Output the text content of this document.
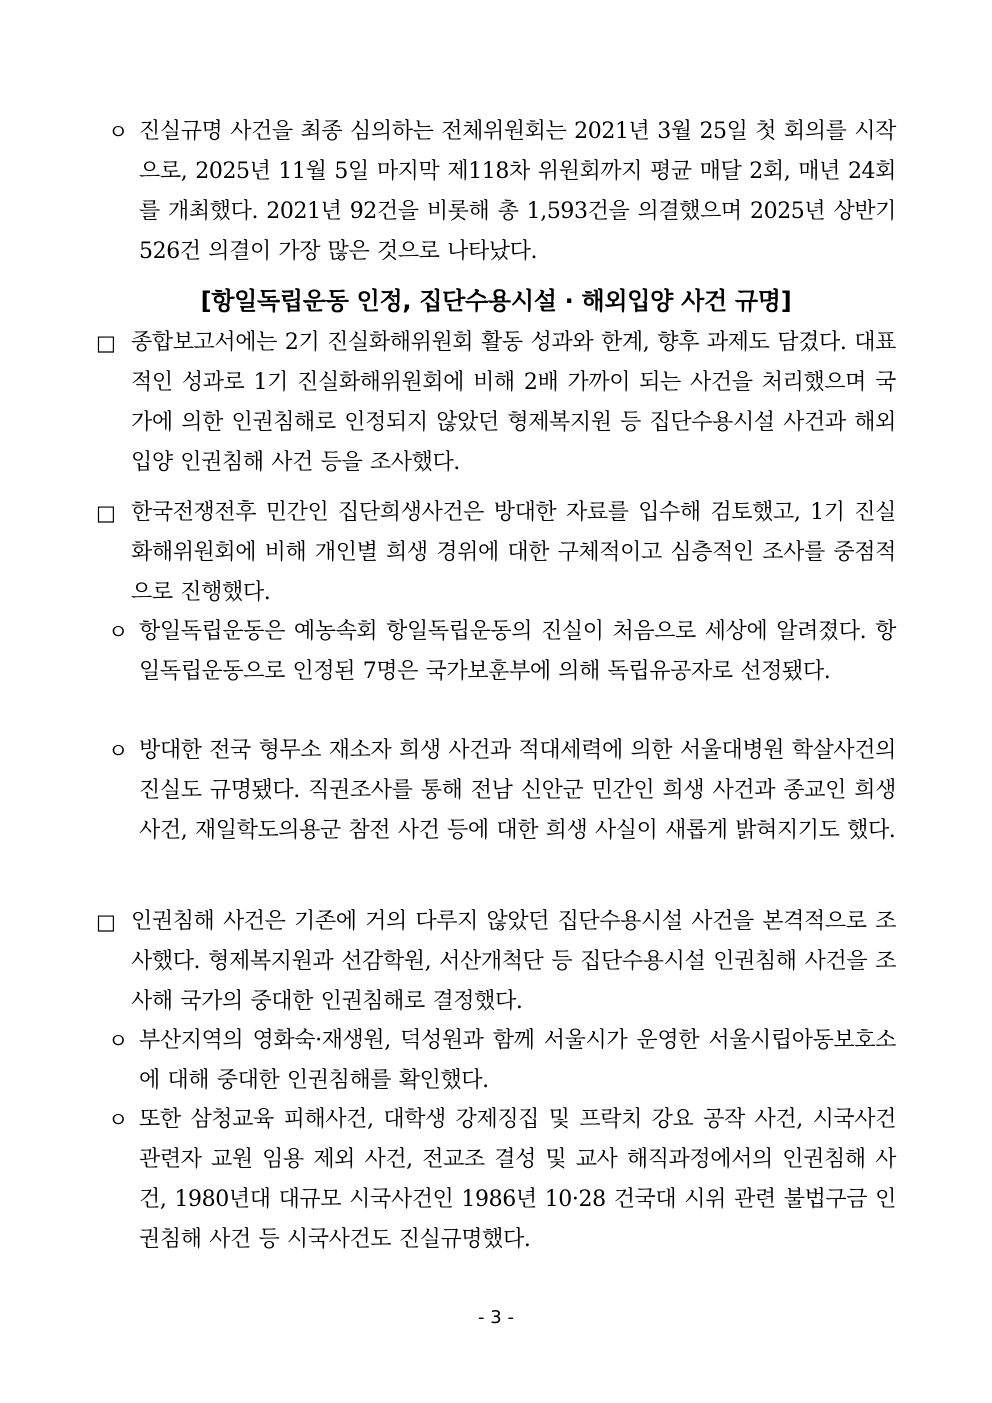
ㅇ 진실규명 사건을 최종 심의하는 전체위원회는 2021년 3월 25일 첫 회의를 시작으로, 2025년 11월 5일 마지막 제118차 위원회까지 평균 매달 2회, 매년 24회를 개최했다. 2021년 92건을 비롯해 총 1,593건을 의결했으며 2025년 상반기 526건 의결이 가장 많은 것으로 나타났다.
[항일독립운동 인정, 집단수용시설 · 해외입양 사건 규명]
□ 종합보고서에는 2기 진실화해위원회 활동 성과와 한계, 향후 과제도 담겼다. 대표적인 성과로 1기 진실화해위원회에 비해 2배 가까이 되는 사건을 처리했으며 국가에 의한 인권침해로 인정되지 않았던 형제복지원 등 집단수용시설 사건과 해외입양 인권침해 사건 등을 조사했다.
□ 한국전쟁전후 민간인 집단희생사건은 방대한 자료를 입수해 검토했고, 1기 진실화해위원회에 비해 개인별 희생 경위에 대한 구체적이고 심층적인 조사를 중점적으로 진행했다.
ㅇ 항일독립운동은 예농속회 항일독립운동의 진실이 처음으로 세상에 알려졌다. 항일독립운동으로 인정된 7명은 국가보훈부에 의해 독립유공자로 선정됐다.
ㅇ 방대한 전국 형무소 재소자 희생 사건과 적대세력에 의한 서울대병원 학살사건의 진실도 규명됐다. 직권조사를 통해 전남 신안군 민간인 희생 사건과 종교인 희생 사건, 재일학도의용군 참전 사건 등에 대한 희생 사실이 새롭게 밝혀지기도 했다.
□ 인권침해 사건은 기존에 거의 다루지 않았던 집단수용시설 사건을 본격적으로 조사했다. 형제복지원과 선감학원, 서산개척단 등 집단수용시설 인권침해 사건을 조사해 국가의 중대한 인권침해로 결정했다.
ㅇ 부산지역의 영화숙·재생원, 덕성원과 함께 서울시가 운영한 서울시립아동보호소에 대해 중대한 인권침해를 확인했다.
ㅇ 또한 삼청교육 피해사건, 대학생 강제징집 및 프락치 강요 공작 사건, 시국사건 관련자 교원 임용 제외 사건, 전교조 결성 및 교사 해직과정에서의 인권침해 사건, 1980년대 대규모 시국사건인 1986년 10·28 건국대 시위 관련 불법구금 인권침해 사건 등 시국사건도 진실규명했다.
- 3 -
